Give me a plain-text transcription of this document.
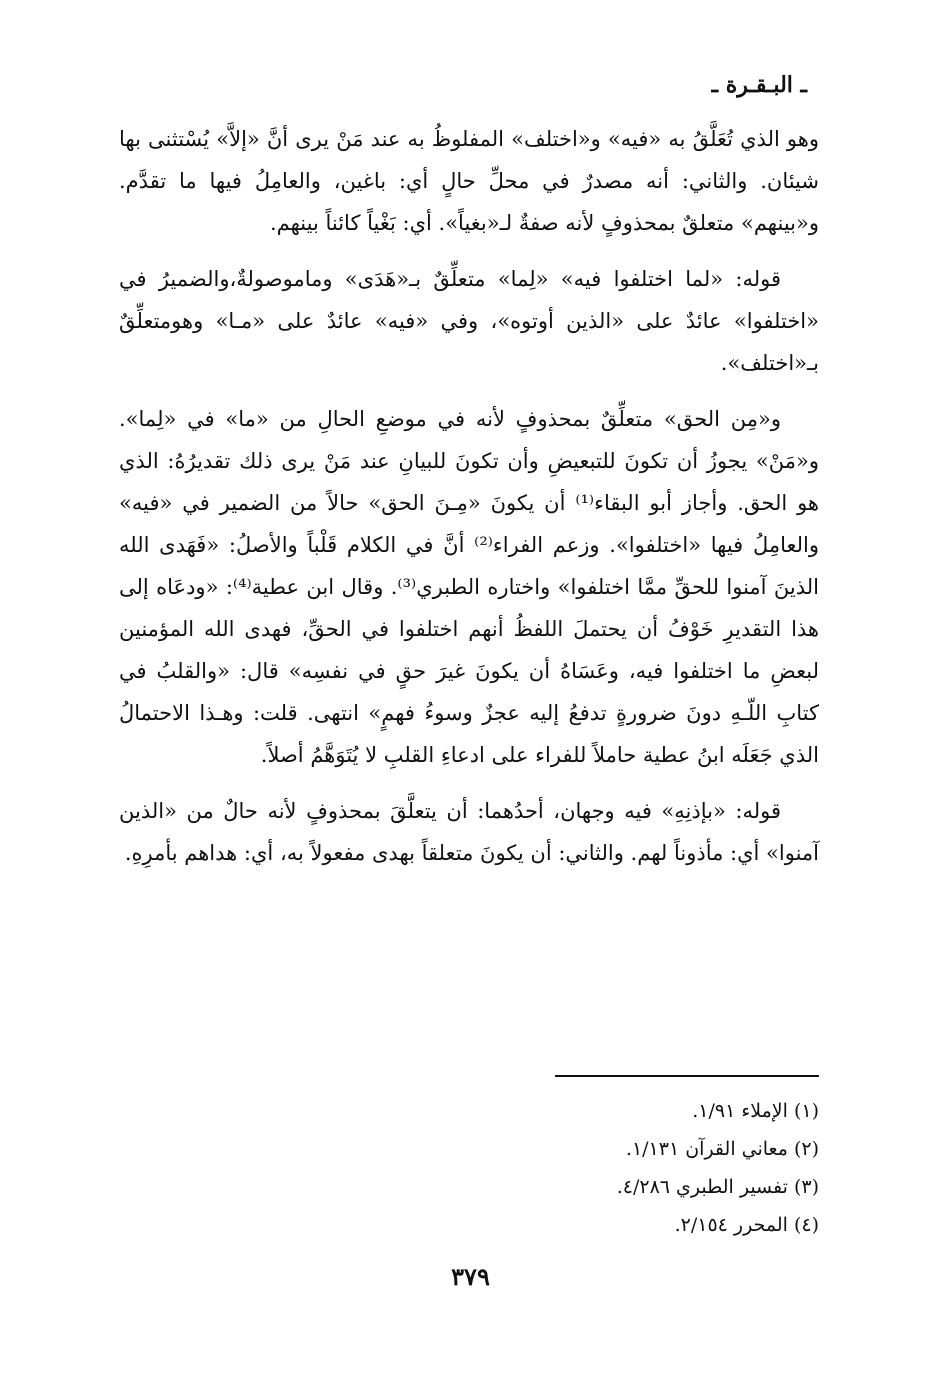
ـ البـقـرة ـ

وهو الذي تُعَلَّقُ به «فيه» و«اختلف» المفلوظُ به عند مَنْ يرى أنَّ «إلاَّ» يُسْتثنى بها شيئان. والثاني: أنه مصدرٌ في محلِّ حالٍ أي: باغين، والعامِلُ فيها ما تقدَّم. و«بينهم» متعلقٌ بمحذوفٍ لأنه صفةٌ لـ«بغياً». أي: بَغْياً كائناً بينهم.

قوله: «لما اختلفوا فيه» «لِما» متعلِّقٌ بـ«هَدَى» وماموصولةٌ،والضميرُ في «اختلفوا» عائدٌ على «الذين أوتوه»، وفي «فيه» عائدٌ على «مـا» وهومتعلِّقٌ بـ«اختلف».

و«مِن الحق» متعلِّقٌ بمحذوفٍ لأنه في موضعِ الحالِ من «ما» في «لِما». و«مَنْ» يجوزُ أن تكونَ للتبعيضِ وأن تكونَ للبيانِ عند مَنْ يرى ذلك تقديرُهُ: الذي هو الحق. وأجاز أبو البقاء⁽¹⁾ أن يكونَ «مِـنَ الحق» حالاً من الضمير في «فيه» والعامِلُ فيها «اختلفوا». وزعم الفراء⁽²⁾ أنَّ في الكلام قَلْباً والأصلُ: «فَهَدى الله الذينَ آمنوا للحقِّ ممَّا اختلفوا» واختاره الطبري⁽³⁾. وقال ابن عطية⁽⁴⁾: «ودعَاه إلى هذا التقديرِ خَوْفُ أن يحتملَ اللفظُ أنهم اختلفوا في الحقِّ، فهدى الله المؤمنين لبعضِ ما اختلفوا فيه، وعَسَاهُ أن يكونَ غيرَ حقٍ في نفسِه» قال: «والقلبُ في كتابِ اللّـهِ دونَ ضرورةٍ تدفعُ إليه عجزٌ وسوءُ فهمٍ» انتهى. قلت: وهـذا الاحتمالُ الذي جَعَلَه ابنُ عطية حاملاً للفراء على ادعاءِ القلبِ لا يُتَوَهَّمُ أصلاً.

قوله: «بإذنِهِ» فيه وجهان، أحدُهما: أن يتعلَّقَ بمحذوفٍ لأنه حالٌ من «الذين آمنوا» أي: مأذوناً لهم. والثاني: أن يكونَ متعلقاً بهدى مفعولاً به، أي: هداهم بأمرِهِ.

(١) الإملاء ١/٩١.
(٢) معاني القرآن ١/١٣١.
(٣) تفسير الطبري ٤/٢٨٦.
(٤) المحرر ٢/١٥٤.
٣٧٩
